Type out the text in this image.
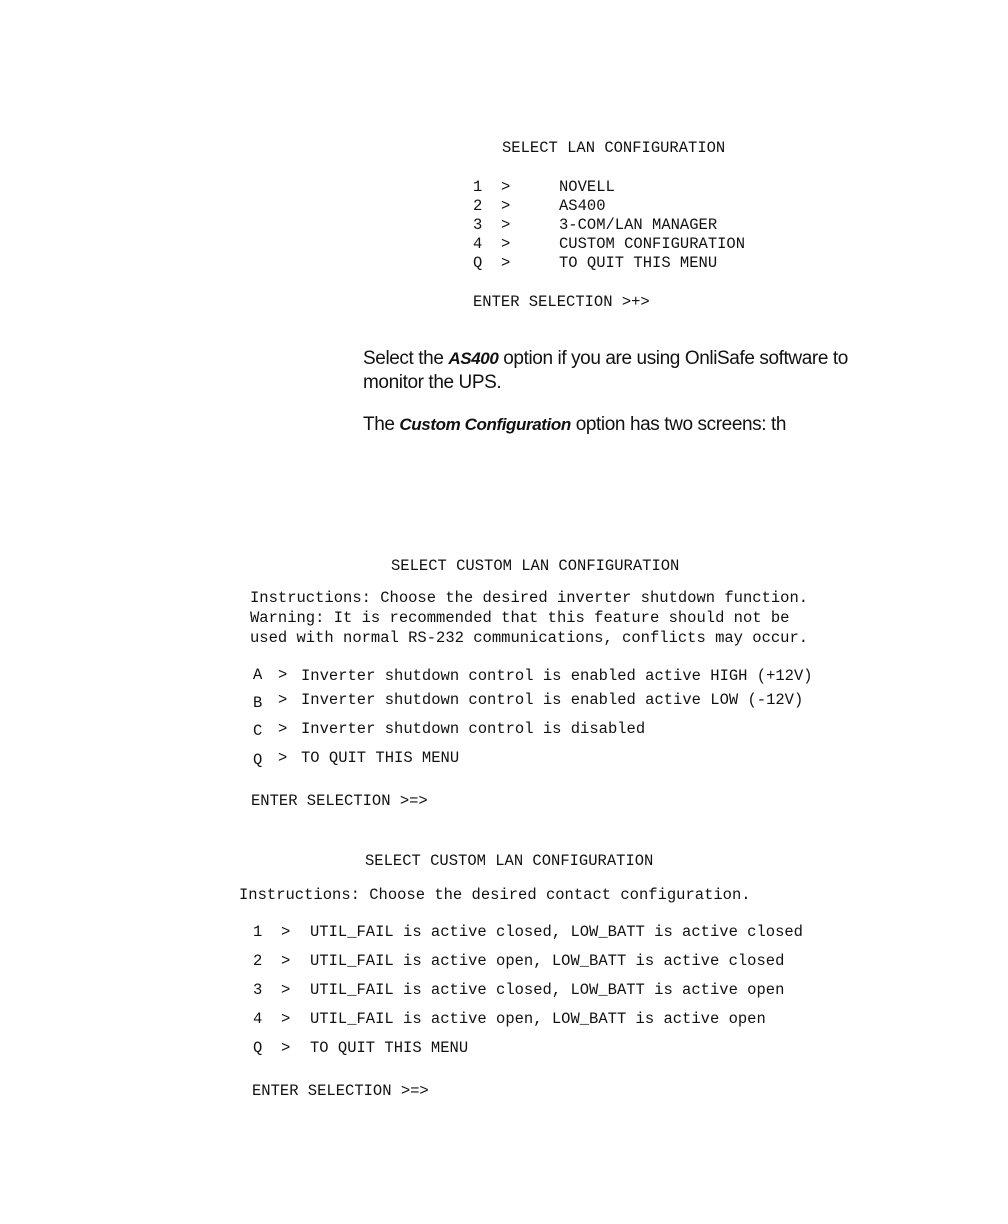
SELECT LAN CONFIGURATION
1 >	NOVELL
2 >	AS400
3 >	3-COM/LAN MANAGER
4 >	CUSTOM CONFIGURATION
Q >	TO QUIT THIS MENU
ENTER SELECTION >+>
Select the AS400 option if you are using OnliSafe software to
monitor the UPS.
The Custom Configuration option has two screens: th
SELECT CUSTOM LAN CONFIGURATION
Instructions: Choose the desired inverter shutdown function.
Warning: It is recommended that this feature should not be
used with normal RS-232 communications, conflicts may occur.
A > Inverter shutdown control is enabled active HIGH (+12V)
B > Inverter shutdown control is enabled active LOW (-12V)
C > Inverter shutdown control is disabled
Q > TO QUIT THIS MENU
ENTER SELECTION >=>
SELECT CUSTOM LAN CONFIGURATION
Instructions: Choose the desired contact configuration.
1 > UTIL_FAIL is active closed, LOW_BATT is active closed
2 > UTIL_FAIL is active open, LOW_BATT is active closed
3 > UTIL_FAIL is active closed, LOW_BATT is active open
4 > UTIL_FAIL is active open, LOW_BATT is active open
Q > TO QUIT THIS MENU
ENTER SELECTION >=>
